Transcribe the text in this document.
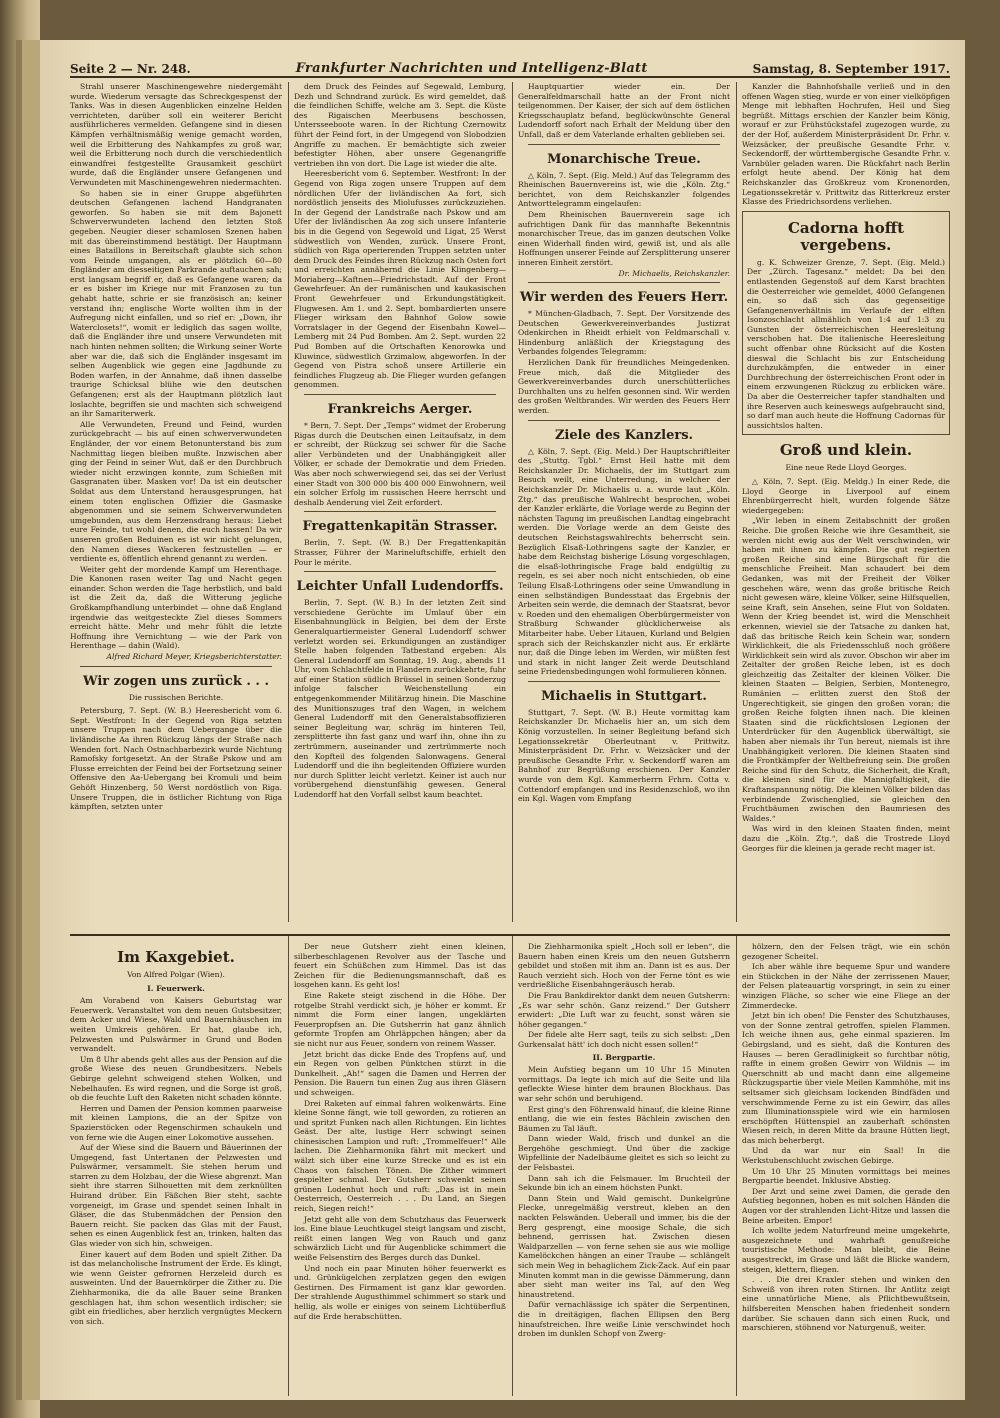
Seite 2 — Nr. 248.	Frankfurter Nachrichten und Intelligenz-Blatt	Samstag, 8. September 1917.

Strahl unserer Maschinengewehre niedergemäht wurde. Wiederum versagte das Schreckgespenst der Tanks. Was in diesen Augenblicken einzelne Helden verrichteten, darüber soll ein weiterer Bericht ausführlicheres vermelden. Gefangene sind in diesen Kämpfen verhältnismäßig wenige gemacht worden, weil die Erbitterung des Nahkampfes zu groß war, weil die Erbitterung noch durch die verschiedentlich einwandfrei festgestellte Grausamkeit geschürt wurde, daß die Engländer unsere Gefangenen und Verwundeten mit Maschinengewehren niedermachten.

So haben sie in einer Gruppe abgeführten deutschen Gefangenen lachend Handgranaten geworfen. So haben sie mit dem Bajonett Schwerverwundeten lachend den letzten Stoß gegeben. Neugier dieser schamlosen Szenen haben mit das übereinstimmend bestätigt. Der Hauptmann eines Bataillons in Bereitschaft glaubte sich schon vom Feinde umgangen, als er plötzlich 60—80 Engländer am diesseitigen Parkrande auftauchen sah; erst langsam begriff er, daß es Gefangene waren; da er es bisher im Kriege nur mit Franzosen zu tun gehabt hatte, schrie er sie französisch an; keiner verstand ihn; englische Worte wollten ihm in der Aufregung nicht einfallen, und so rief er: „Down, ihr Waterclosets!“, womit er lediglich das sagen wollte, daß die Engländer ihre und unsere Verwundeten mit nach hinten nehmen sollten; die Wirkung seiner Worte aber war die, daß sich die Engländer insgesamt im selben Augenblick wie gegen eine Jagdhunde zu Boden warfen, in der Annahme, daß ihnen dasselbe traurige Schicksal blühe wie den deutschen Gefangenen; erst als der Hauptmann plötzlich laut loslachte, begriffen sie und machten sich schweigend an ihr Samariterwerk.

Alle Verwundeten, Freund und Feind, wurden zurückgebracht — bis auf einen schwerverwundeten Engländer, der vor einem Betonunterstand bis zum Nachmittag liegen bleiben mußte. Inzwischen aber ging der Feind in seiner Wut, daß er den Durchbruch wieder nicht erzwingen konnte, zum Schießen mit Gasgranaten über. Masken vor! Da ist ein deutscher Soldat aus dem Unterstand herausgesprungen, hat einem toten englischen Offizier die Gasmaske abgenommen und sie seinem Schwerverwundeten umgebunden, aus dem Herzensdrang heraus: Liebet eure Feinde, tut wohl denen, die euch hassen! Da wir unseren großen Beduinen es ist wir nicht gelungen, den Namen dieses Wackeren festzustellen — er verdiente es, öffentlich ehrend genannt zu werden.

Weiter geht der mordende Kampf um Herenthage. Die Kanonen rasen weiter Tag und Nacht gegen einander. Schon werden die Tage herbstlich, und bald ist die Zeit da, daß die Witterung jegliche Großkampfhandlung unterbindet — ohne daß England irgendwie das weitgesteckte Ziel dieses Sommers erreicht hätte. Mehr und mehr fühlt die letzte Hoffnung ihre Vernichtung — wie der Park von Herenthage — dahin (Wald).

Alfred Richard Meyer, Kriegsberichterstatter.
Wir zogen uns zurück . . .
Die russischen Berichte.

Petersburg, 7. Sept. (W. B.) Heeresbericht vom 6. Sept. Westfront: In der Gegend von Riga setzten unsere Truppen nach dem Uebergange über die livländische Aa ihren Rückzug längs der Straße nach Wenden fort. Nach Ostnachbarbezirk wurde Nichtung Ramofsky fortgesetzt. An der Straße Pskow und am Flusse erreichten der Feind bei der Fortsetzung seiner Offensive den Aa-Uebergang bei Kromuli und beim Gehöft Hinzenberg, 50 Werst nordöstlich von Riga. Unsere Truppen, die in östlicher Richtung von Riga kämpften, setzten unter

dem Druck des Feindes auf Segewald, Lemburg, Dezh und Schndrand zurück. Es wird gemeldet, daß die feindlichen Schiffe, welche am 3. Sept. die Küste des Rigaischen Meerbusens beschossen, Untersseeboote waren. In der Richtung Czernowitz führt der Feind fort, in der Umgegend von Slobodzien Angriffe zu machen. Er bemächtigte sich zweier befestigter Höhen, aber unsere Gegenangriffe vertrieben ihn von dort. Die Lage ist wieder die alte.

Heeresbericht vom 6. September. Westfront: In der Gegend von Riga zogen unsere Truppen auf dem nördlichen Ufer der livländischen Aa fort, sich nordöstlich jenseits des Miolufusses zurückzuziehen. In der Gegend der Landstraße nach Pskow und am Ufer der livländischen Aa zog sich unsere Infanterie bis in die Gegend von Segewold und Ligat, 25 Werst südwestlich von Wenden, zurück. Unsere Front, südlich von Riga operierenden Truppen setzten unter dem Druck des Feindes ihren Rückzug nach Osten fort und erreichten annähernd die Linie Klingenberg—Moriaberg—Kaftnen—Friedrichstadt. Auf der Front Gewehrfeuer. An der rumänischen und kaukasischen Front Gewehrfeuer und Erkundungstätigkeit. Flugwesen. Am 1. und 2. Sept. bombardierten unsere Flieger wirksam den Bahnhof Golow sowie Vorratslager in der Gegend der Eisenbahn Kowel—Lemberg mit 24 Pud Bomben. Am 2. Sept. wurden 22 Pud Bomben auf die Ortschaften Kenorowka und Kluwince, südwestlich Grzimalow, abgeworfen. In der Gegend von Pistra schoß unsere Artillerie ein feindliches Flugzeug ab. Die Flieger wurden gefangen genommen.

Frankreichs Aerger.

* Bern, 7. Sept. Der „Temps“ widmet der Eroberung Rigas durch die Deutschen einen Leitaufsatz, in dem er schreibt, der Rückzug sei schwer für die Sache aller Verbündeten und der Unabhängigkeit aller Völker, er schade der Demokratie und dem Frieden. Was aber noch schwerwiegend sei, das sei der Verlust einer Stadt von 300 000 bis 400 000 Einwohnern, weil ein solcher Erfolg im russischen Heere herrscht und deshalb Aenderung viel Zeit erfordert.

Fregattenkapitän Strasser.

Berlin, 7. Sept. (W. B.) Der Fregattenkapitän Strasser, Führer der Marineluftschiffe, erhielt den Pour le mérite.

Leichter Unfall Ludendorffs.

Berlin, 7. Sept. (W. B.) In der letzten Zeit sind verschiedene Gerüchte im Umlauf über ein Eisenbahnunglück in Belgien, bei dem der Erste Generalquartiermeister General Ludendorff schwer verletzt worden sei. Erkundigungen an zuständiger Stelle haben folgenden Tatbestand ergeben: Als General Ludendorff am Sonntag, 19. Aug., abends 11 Uhr, vom Schlachtfelde in Flandern zurückkehrte, fuhr auf einer Station südlich Brüssel in seinen Sonderzug infolge falscher Weichenstellung ein entgegenkommender Militärzug hinein. Die Maschine des Munitionszuges traf den Wagen, in welchem General Ludendorff mit den Generalstabsoffizieren seiner Begleitung war, schräg im hinteren Teil, zersplitterte ihn fast ganz und warf ihn, ohne ihn zu zertrümmern, auseinander und zertrümmerte noch den Kopfteil des folgenden Salonwagens. General Ludendorff und die ihn begleitenden Offiziere wurden nur durch Splitter leicht verletzt. Keiner ist auch nur vorübergehend dienstunfähig gewesen. General Ludendorff hat den Vorfall selbst kaum beachtet.

Hauptquartier wieder ein. Der Generalfeldmarschall hatte an der Front nicht teilgenommen. Der Kaiser, der sich auf dem östlichen Kriegsschauplatz befand, beglückwünschte General Ludendorff sofort nach Erhalt der Meldung über den Unfall, daß er dem Vaterlande erhalten geblieben sei.

Monarchische Treue.

△ Köln, 7. Sept. (Eig. Meld.) Auf das Telegramm des Rheinischen Bauernvereins ist, wie die „Köln. Ztg.“ berichtet, von dem Reichskanzler folgendes Antworttelegramm eingelaufen:

Dem Rheinischen Bauernverein sage ich aufrichtigen Dank für das mannhafte Bekenntnis monarchischer Treue, das im ganzen deutschen Volke einen Widerhall finden wird, gewiß ist, und als alle Hoffnungen unserer Feinde auf Zersplitterung unserer inneren Einheit zerstört.

Dr. Michaelis, Reichskanzler.
Wir werden des Feuers Herr.

* München-Gladbach, 7. Sept. Der Vorsitzende des Deutschen Gewerkvereinverbandes Justizrat Odenkirchen in Rheidt erhielt von Feldmarschall v. Hindenburg anläßlich der Kriegstagung des Verbandes folgendes Telegramm:

Herzlichen Dank für freundliches Meingedenken. Freue mich, daß die Mitglieder des Gewerkvereinverbandes durch unerschütterliches Durchhalten uns zu helfen gesonnen sind. Wir werden des großen Weltbrandes. Wir werden des Feuers Herr werden.

Ziele des Kanzlers.

△ Köln, 7. Sept. (Eig. Meld.) Der Hauptschriftleiter des „Stuttg. Tgbl.“ Ernst Heil hatte mit dem Reichskanzler Dr. Michaelis, der im Stuttgart zum Besuch weilt, eine Unterredung, in welcher der Reichskanzler Dr. Michaelis u. a. wurde laut „Köln. Ztg.“ das preußische Wahlrecht besprochen, wobei der Kanzler erklärte, die Vorlage werde zu Beginn der nächsten Tagung im preußischen Landtag eingebracht werden. Die Vorlage werde an dem Geiste des deutschen Reichstagswahlrechts beherrscht sein. Bezüglich Elsaß-Lothringens sagte der Kanzler, er habe dem Reichstag bisherige Lösung vorgeschlagen, die elsaß-lothringische Frage bald endgültig zu regeln, es sei aber noch nicht entschieden, ob eine Teilung Elsaß-Lothringens oder seine Umwandlung in einen selbständigen Bundesstaat das Ergebnis der Arbeiten sein werde, die demnach der Staatsrat, bevor v. Roeden und den ehemaligen Oberbürgermeister von Straßburg Schwander glücklicherweise als Mitarbeiter habe. Ueber Litauen, Kurland und Belgien sprach sich der Reichskanzler nicht aus. Er erklärte nur, daß die Dinge leben im Werden, wir müßten fest und stark in nicht langer Zeit werde Deutschland seine Friedensbedingungen wohl formulieren können.

Michaelis in Stuttgart.

Stuttgart, 7. Sept. (W. B.) Heute vormittag kam Reichskanzler Dr. Michaelis hier an, um sich dem König vorzustellen. In seiner Begleitung befand sich Legationssekretär Oberleutnant v. Prittwitz. Ministerpräsident Dr. Frhr. v. Weizsäcker und der preußische Gesandte Frhr. v. Seckendorff waren am Bahnhof zur Begrüßung erschienen. Der Kanzler wurde von dem Kgl. Kammerherrn Frhrn. Cotta v. Cottendorf empfangen und ins Residenzschloß, wo ihn ein Kgl. Wagen vom Empfang

Kanzler die Bahnhofshalle verließ und in den offenen Wagen stieg, wurde er von einer vielköpfigen Menge mit lebhaften Hochrufen, Heil und Sieg begrüßt. Mittags erschien der Kanzler beim König, worauf er zur Frühstückstafel zugezogen wurde, zu der der Hof, außerdem Ministerpräsident Dr. Frhr. v. Weizsäcker, der preußische Gesandte Frhr. v. Seckendorff, der württembergische Gesandte Frhr. v. Varnbüler geladen waren. Die Rückfahrt nach Berlin erfolgt heute abend. Der König hat dem Reichskanzler das Großkreuz vom Kronenorden, Legationssekretär v. Prittwitz das Ritterkreuz erster Klasse des Friedrichsordens verliehen.

Cadorna hofft vergebens.

g. K. Schweizer Grenze, 7. Sept. (Eig. Meld.) Der „Zürch. Tagesanz.“ meldet: Da bei den entlastenden Gegenstoß auf dem Karst brachten die Oesterreicher wie gemeldet, 4000 Gefangenen ein, so daß sich das gegenseitige Gefangenenverhältnis im Verlaufe der elften Isonzoschlacht allmählich von 1:4 auf 1:3 zu Gunsten der österreichischen Heeresleitung verschoben hat. Die italienische Heeresleitung sucht offenbar ohne Rücksicht auf die Kosten dieswal die Schlacht bis zur Entscheidung durchzukämpfen, die entweder in einer Durchbrechung der österreichischen Front oder in einem erzwungenen Rückzug zu erblicken wäre. Da aber die Oesterreicher tapfer standhalten und ihre Reserven auch keineswegs aufgebraucht sind, so darf man auch heute die Hoffnung Cadornas für aussichtslos halten.

Groß und klein.
Eine neue Rede Lloyd Georges.

△ Köln, 7. Sept. (Eig. Meldg.) In einer Rede, die Lloyd George in Liverpool auf einem Ehrenbürgerrecht hielt, wurden folgende Sätze wiedergegeben:

„Wir leben in einem Zeitabschnitt der großen Reiche. Die großen Reiche wie ihre Gesamtheit, sie werden nicht ewig aus der Welt verschwinden, wir haben mit ihnen zu kämpfen. Die gut regierten großen Reiche sind eine Bürgschaft für die menschliche Freiheit. Man schaudert bei dem Gedanken, was mit der Freiheit der Völker geschehen wäre, wenn das große britische Reich nicht gewesen wäre, kleine Völker, seine Hilfsquellen, seine Kraft, sein Ansehen, seine Flut von Soldaten. Wenn der Krieg beendet ist, wird die Menschheit erkennen, wieviel sie der Tatsache zu danken hat, daß das britische Reich kein Schein war, sondern Wirklichkeit, die als Friedensschluß noch größere Wirklichkeit sein wird als zuvor. Obschon wir aber im Zeitalter der großen Reiche leben, ist es doch gleichzeitig das Zeitalter der kleinen Völker. Die kleinen Staaten — Belgien, Serbien, Montenegro, Rumänien — erlitten zuerst den Stoß der Ungerechtigkeit, sie gingen den großen voran; die großen Reiche folgten ihnen nach. Die kleinen Staaten sind die rückfichtslosen Legionen der Unterdrücker für den Augenblick überwältigt, sie haben aber niemals ihr Tun bereut, niemals ist ihre Unabhängigkeit verloren. Die kleinen Staaten sind die Frontkämpfer der Weltbefreiung sein. Die großen Reiche sind für den Schutz, die Sicherheit, die Kraft, die kleinen sind für die Mannigfaltigkeit, die Kraftanspannung nötig. Die kleinen Völker bilden das verbindende Zwischenglied, sie gleichen den Fruchtbäumen zwischen den Baumriesen des Waldes.“

Was wird in den kleinen Staaten finden, meint dazu die „Köln. Ztg.“, daß die Trostrede Lloyd Georges für die kleinen ja gerade recht mager ist.

Im Kaxgebiet.
Von Alfred Polgar (Wien).
I. Feuerwerk.

Am Vorabend von Kaisers Geburtstag war Feuerwerk. Veranstaltet von dem neuen Gutsbesitzer, dem Acker und Wiese, Wald und Bauernhäuschen im weiten Umkreis gehören. Er hat, glaube ich, Pelzwesten und Pulswärmer in Grund und Boden verwandelt.

Um 8 Uhr abends geht alles aus der Pension auf die große Wiese des neuen Grundbesitzers. Nebels Gebirge gelehnt schweigend stehen Wolken, und Nebelhaufen. Es wird regnen, und die Sorge ist groß, ob die feuchte Luft den Raketen nicht schaden könnte.

Herren und Damen der Pension kommen paarweise mit kleinen Lampions, die an der Spitze von Spazierstöcken oder Regenschirmen schaukeln und von ferne wie die Augen einer Lokomotive aussehen.

Auf der Wiese sind die Bauern und Bäuerinnen der Umgegend, fast Untertanen der Pelzwesten und Pulswärmer, versammelt. Sie stehen herum und starren zu dem Holzbau, der die Wiese abgrenzt. Man sieht ihre starren Silhouetten mit dem zerknüllten Huirand drüber. Ein Fäßchen Bier steht, sachte vorgeneigt, im Grase und spendet seinen Inhalt in Gläser, die das Stubenmädchen der Pension den Bauern reicht. Sie packen das Glas mit der Faust, sehen es einen Augenblick fest an, trinken, halten das Glas wieder von sich hin, schweigen.

Einer kauert auf dem Boden und spielt Zither. Da ist das melancholische Instrument der Erde. Es klingt, wie wenn Geister gefrornen Herzeleid durch es ausweinten. Und der Bauernkörper die Zither zu. Die Ziehharmonika, die da alle Bauer seine Branken geschlagen hat, ihm schon wesentlich irdischer; sie gibt ein friedliches, aber herzlich vergnügtes Meckern von sich.

Der neue Gutsherr zieht einen kleinen, silberbeschlagenen Revolver aus der Tasche und feuert ein Schüßchen zum Himmel. Das ist das Zeichen für die Bedienungsmannschaft, daß es losgehen kann. Es geht los!

Eine Rakete steigt zischend in die Höhe. Der rotgelbe Strahl verdickt sich, je höher er kommt. Er nimmt die Form einer langen, ungeklärten Feuerpropfsen an. Die Gutsherrin hat ganz ähnlich geformte Tropfen am Ohrläppchen hängen; aber da sie nicht nur aus Feuer, sondern von reinem Wasser.

Jetzt bricht das dicke Ende des Tropfens auf, und ein Regen von gelben Pünktchen stürzt in die Dunkelheit. „Ah!“ sagen die Damen und Herren der Pension. Die Bauern tun einen Zug aus ihren Gläsern und schweigen.

Drei Raketen auf einmal fahren wolkenwärts. Eine kleine Sonne fängt, wie toll geworden, zu rotieren an und spritzt Funken nach allen Richtungen. Ein lichtes Geäst. Der alte, lustige Herr schwingt seinen chinesischen Lampion und ruft: „Trommelfeuer!“ Alle lachen. Die Ziehharmonika fährt mit meckert und wälzt sich über eine kurze Strecke und es ist ein Chaos von falschen Tönen. Die Zither wimmert gespielter schmal. Der Gutsherr schwenkt seinen grünen Lodenhut hoch und ruft: „Das ist in mein Oesterreich, Oesterreich . . . Du Land, an Siegen reich, Siegen reich!“

Jetzt geht alle von dem Schutzhaus das Feuerwerk los. Eine blaue Leuchtkugel steigt langsam und zischt, reißt einen langen Weg von Rauch und ganz schwärzlich Licht und für Augenblicke schimmert die weiße Felsenstirn des Berges durch das Dunkel.

Und noch ein paar Minuten höher feuerwerkt es und. Grünkügelchen zerplatzen gegen den ewigen Gestirnen. Des Firmament ist ganz klar geworden. Der strahlende Augusthimmel schimmert so stark und hellig, als wolle er einiges von seinem Lichtüberfluß auf die Erde herabschütten.

Die Ziehharmonika spielt „Hoch soll er leben“, die Bauern haben einen Kreis um den neuen Gutsherrn gebildet und stoßen mit ihm an. Dann ist es aus. Der Rauch verzieht sich. Hoch von der Ferne tönt es wie verdrießliche Eisenbahngeräusch herab.

Die Frau Bankdirektor dankt dem neuen Gutsherrn: „Es war sehr schön. Ganz reizend.“ Der Gutsherr erwidert: „Die Luft war zu feucht, sonst wären sie höher gegangen.“

Der fidele alte Herr sagt, teils zu sich selbst: „Den Gurkensalat hätt' ich doch nicht essen sollen!“

II. Bergpartie.

Mein Aufstieg begann um 10 Uhr 15 Minuten vormittags. Da legte ich mich auf die Seite und lila gefleckte Wiese hinter dem braunen Blockhaus. Das war sehr schön und beruhigend.

Erst ging's den Föhrenwald hinauf, die kleine Rinne entlang, die wie ein festes Bächlein zwischen den Bäumen zu Tal läuft.

Dann wieder Wald, frisch und dunkel an die Bergehöhe geschmiegt. Und über die zackige Wipfellinie der Nadelbäume gleitet es sich so leicht zu der Felsbastei.

Dann sah ich die Felsmauer. Im Bruchteil der Sekunde bin ich an einem höchsten Punkt.

Dann Stein und Wald gemischt. Dunkelgrüne Flecke, unregelmäßig verstreut, kleben an den nackten Felswänden. Ueberall und immer, bis die der Berg gesprengt, eine moosige Schale, die sich behnend, gerrissen hat. Zwischen diesen Waldparzellen — von ferne sehen sie aus wie mollige Kamelöckchen hängen an einer Traube — schlängelt sich mein Weg in behaglichem Zick-Zack. Auf ein paar Minuten kommt man in die gewisse Dämmerung, dann aber sieht man weiter ins Tal, auf den Weg hinaustretend.

Dafür vernachlässige ich später die Serpentinen, die in dreitägigen, flachen Ellipsen den Berg hinaufstreichen. Ihre weiße Linie verschwindet hoch droben im dunklen Schopf von Zwerg-

hölzern, den der Felsen trägt, wie ein schön gezogener Scheitel.

Ich aber wähle ihre bequeme Spur und wandere ein Stückchen in der Nähe der zerrissenen Mauer, der Felsen plateauartig vorspringt, in sein zu einer winzigen Fläche, so scher wie eine Fliege an der Zimmerdecke.

Jetzt bin ich oben! Die Fenster des Schutzhauses, von der Sonne zentral getroffen, spielen Flammen. Ich weiche ihnen aus, gehe einmal spazieren. Im Gebirgsland, und es sieht, daß die Konturen des Hauses — beren Geradlinigkeit so furchtbar nötig, raffte in einem großen Gewirr von Wildnis — im Querschnitt ab und macht dann eine allgemeine Rückzugspartie über viele Meilen Kammhöhe, mit ins seltsamer sich gleichsam lockenden Bindfäden und verschwimmende Ferne zu ist ein Gewirr, das alles zum Illuminationsspiele wird wie ein harmlosen erschöpften Hüttenspiel an zauberhaft schönsten Wiesen reich, in deren Mitte da braune Hütten liegt, das mich beherbergt.

Und da war nur ein Saal! In die Werkstubenschlucht zwischen Gebirge.

Um 10 Uhr 25 Minuten vormittags bei meines Bergpartie beendet. Inklusive Abstieg.

Der Arzt und seine zwei Damen, die gerade den Aufstieg begonnen, hoben es mit solchen Händen die Augen vor der strahlenden Licht-Hitze und lassen die Beine arbeiten. Empor!

Ich wollte jedem Naturfreund meine umgekehrte, ausgezeichnete und wahrhaft genußreiche touristische Methode: Man bleibt, die Beine ausgestreckt, im Grase und läßt die Blicke wandern, steigen, klettern, fliegen.

. . . Die drei Kraxler stehen und winken den Schweiß von ihren roten Stirnen. Ihr Antlitz zeigt eine unnatürliche Miene, als Pflichtbewußtsein, hilfsbereiten Menschen haben friedenheit sondern darüber. Sie schauen dann sich einen Ruck, und marschieren, stöhnend vor Naturgenuß, weiter.
